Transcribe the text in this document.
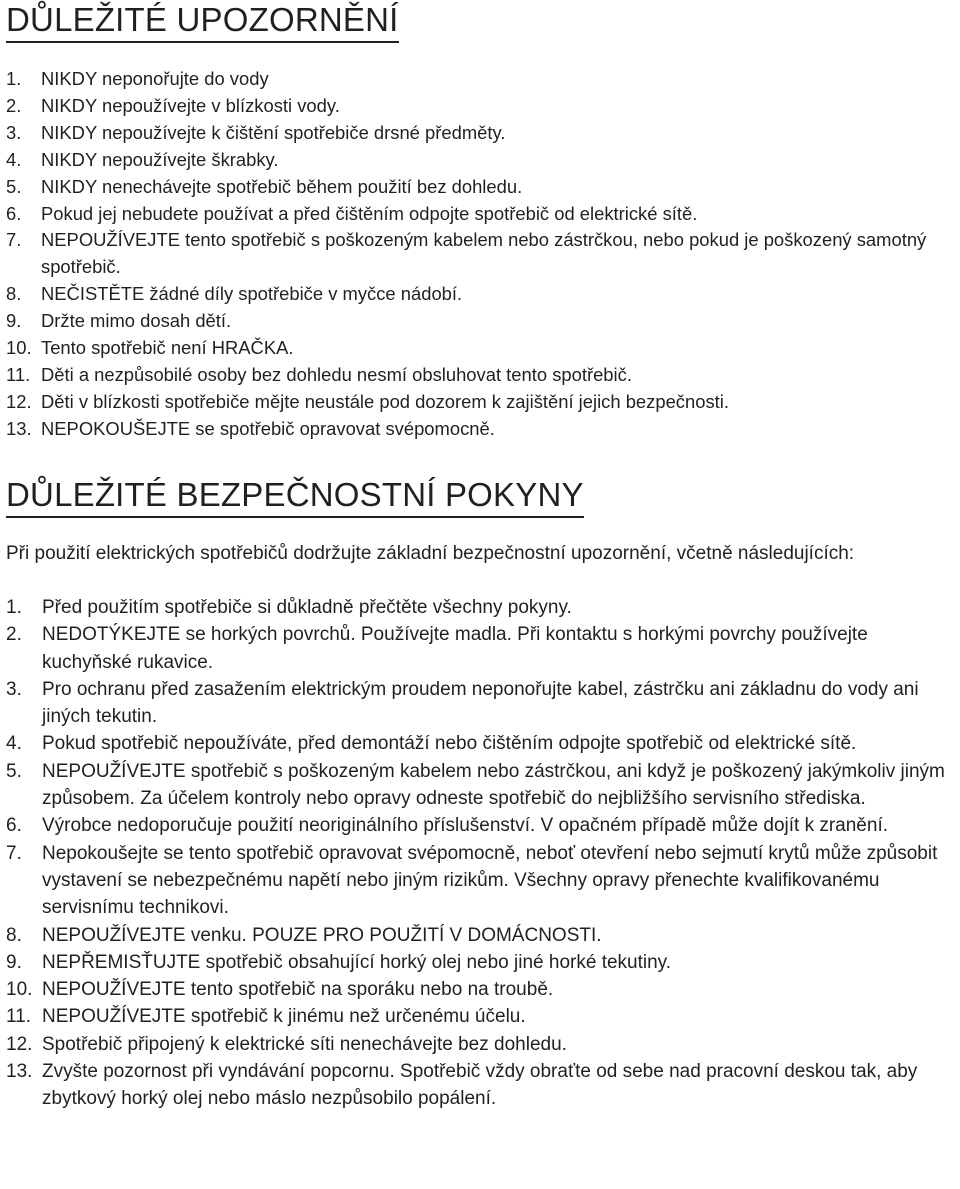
DŮLEŽITÉ UPOZORNĚNÍ
1.	NIKDY neponořujte do vody
2.	NIKDY nepoužívejte v blízkosti vody.
3.	NIKDY nepoužívejte k čištění spotřebiče drsné předměty.
4.	NIKDY nepoužívejte škrabky.
5.	NIKDY nenechávejte spotřebič během použití bez dohledu.
6.	Pokud jej nebudete používat a před čištěním odpojte spotřebič od elektrické sítě.
7.	NEPOUŽÍVEJTE tento spotřebič s poškozeným kabelem nebo zástrčkou, nebo pokud je poškozený samotný spotřebič.
8.	NEČISTĚTE žádné díly spotřebiče v myčce nádobí.
9.	Držte mimo dosah dětí.
10. Tento spotřebič není HRAČKA.
11. Děti a nezpůsobilé osoby bez dohledu nesmí obsluhovat tento spotřebič.
12. Děti v blízkosti spotřebiče mějte neustále pod dozorem k zajištění jejich bezpečnosti.
13. NEPOKOUŠEJTE se spotřebič opravovat svépomocně.
DŮLEŽITÉ BEZPEČNOSTNÍ POKYNY
Při použití elektrických spotřebičů dodržujte základní bezpečnostní upozornění, včetně následujících:
1.	Před použitím spotřebiče si důkladně přečtěte všechny pokyny.
2.	NEDOTÝKEJTE se horkých povrchů. Používejte madla. Při kontaktu s horkými povrchy používejte kuchyňské rukavice.
3.	Pro ochranu před zasažením elektrickým proudem neponořujte kabel, zástrčku ani základnu do vody ani jiných tekutin.
4.	Pokud spotřebič nepoužíváte, před demontáží nebo čištěním odpojte spotřebič od elektrické sítě.
5.	NEPOUŽÍVEJTE spotřebič s poškozeným kabelem nebo zástrčkou, ani když je poškozený jakýmkoliv jiným způsobem. Za účelem kontroly nebo opravy odneste spotřebič do nejbližšího servisního střediska.
6.	Výrobce nedoporučuje použití neoriginálního příslušenství. V opačném případě může dojít k zranění.
7.	Nepokoušejte se tento spotřebič opravovat svépomocně, neboť otevření nebo sejmutí krytů může způsobit vystavení se nebezpečnému napětí nebo jiným rizikům. Všechny opravy přenechte kvalifikovanému servisnímu technikovi.
8.	NEPOUŽÍVEJTE venku. POUZE PRO POUŽITÍ V DOMÁCNOSTI.
9.	NEPŘEMISŤUJTE spotřebič obsahující horký olej nebo jiné horké tekutiny.
10. NEPOUŽÍVEJTE tento spotřebič na sporáku nebo na troubě.
11. NEPOUŽÍVEJTE spotřebič k jinému než určenému účelu.
12. Spotřebič připojený k elektrické síti nenechávejte bez dohledu.
13. Zvyšte pozornost při vyndávání popcornu. Spotřebič vždy obraťte od sebe nad pracovní deskou tak, aby zbytkový horký olej nebo máslo nezpůsobilo popálení.
